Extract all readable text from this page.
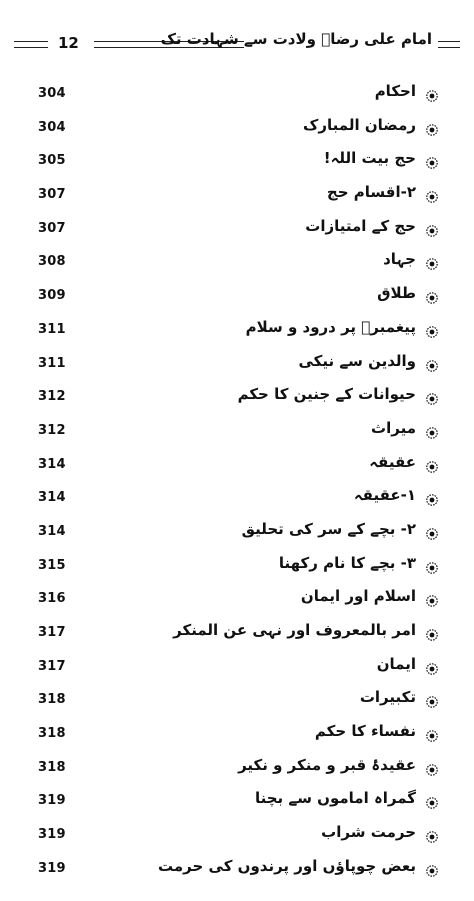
12	امام علی رضاؑ ولادت سے شہادت تک
304	احکام
304	رمضان المبارک
305	حج بیت اللہ!
307	۲-اقسام حج
307	حج کے امتیازات
308	جہاد
309	طلاق
311	پیغمبرؐ پر درود و سلام
311	والدین سے نیکی
312	حیوانات کے جنین کا حکم
312	میراث
314	عقیقہ
314	۱-عقیقہ
314	۲- بچے کے سر کی تحلیق
315	۳- بچے کا نام رکھنا
316	اسلام اور ایمان
317	امر بالمعروف اور نہی عن المنکر
317	ایمان
318	تکبیرات
318	نفساء کا حکم
318	عقیدۂ قبر و منکر و نکیر
319	گمراہ اماموں سے بچنا
319	حرمت شراب
319	بعض چوپاؤں اور پرندوں کی حرمت
